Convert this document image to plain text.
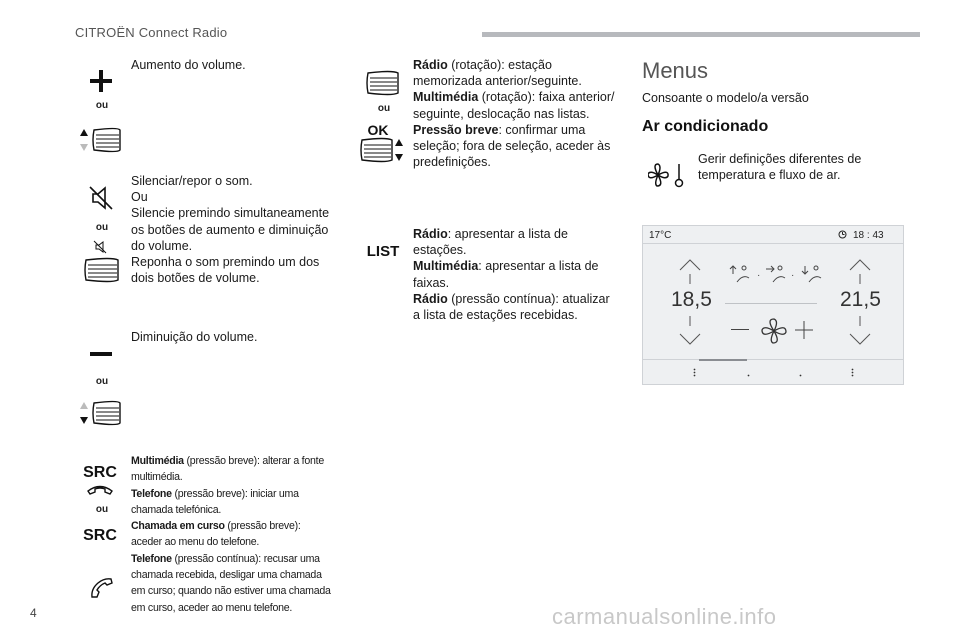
CITROËN Connect Radio
ou
Aumento do volume.
ou
Silenciar/repor o som.
Ou
Silencie premindo simultaneamente
os botões de aumento e diminuição
do volume.
Reponha o som premindo um dos
dois botões de volume.
ou
Diminuição do volume.
SRC
ou
SRC
Multimédia (pressão breve): alterar a fonte
multimédia.
Telefone (pressão breve): iniciar uma
chamada telefónica.
Chamada em curso (pressão breve):
aceder ao menu do telefone.
Telefone (pressão contínua): recusar uma
chamada recebida, desligar uma chamada
em curso; quando não estiver uma chamada
em curso, aceder ao menu telefone.
ou
OK
Rádio (rotação): estação
memorizada anterior/seguinte.
Multimédia (rotação): faixa anterior/
seguinte, deslocação nas listas.
Pressão breve: confirmar uma
seleção; fora de seleção, aceder às
predefinições.
LIST
Rádio: apresentar a lista de
estações.
Multimédia: apresentar a lista de
faixas.
Rádio (pressão contínua): atualizar
a lista de estações recebidas.
Menus
Consoante o modelo/a versão
Ar condicionado
Gerir definições diferentes de
temperatura e fluxo de ar.
17°C	18 : 43
18,5	21,5
·	·
4	carmanualsonline.info
